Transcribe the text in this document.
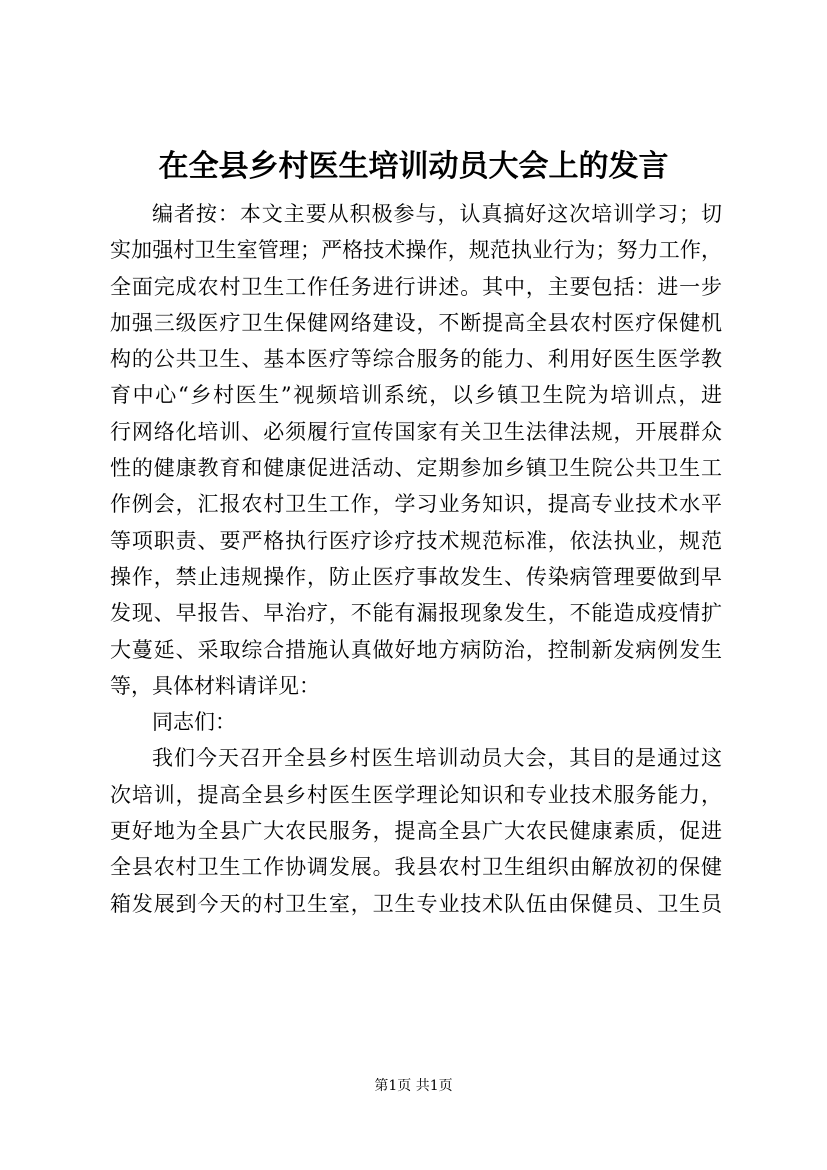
在全县乡村医生培训动员大会上的发言
编者按：本文主要从积极参与，认真搞好这次培训学习；切
实加强村卫生室管理；严格技术操作，规范执业行为；努力工作，
全面完成农村卫生工作任务进行讲述。其中，主要包括：进一步
加强三级医疗卫生保健网络建设，不断提高全县农村医疗保健机
构的公共卫生、基本医疗等综合服务的能力、利用好医生医学教
育中心“乡村医生”视频培训系统，以乡镇卫生院为培训点，进
行网络化培训、必须履行宣传国家有关卫生法律法规，开展群众
性的健康教育和健康促进活动、定期参加乡镇卫生院公共卫生工
作例会，汇报农村卫生工作，学习业务知识，提高专业技术水平
等项职责、要严格执行医疗诊疗技术规范标准，依法执业，规范
操作，禁止违规操作，防止医疗事故发生、传染病管理要做到早
发现、早报告、早治疗，不能有漏报现象发生，不能造成疫情扩
大蔓延、采取综合措施认真做好地方病防治，控制新发病例发生
等，具体材料请详见：
同志们：
我们今天召开全县乡村医生培训动员大会，其目的是通过这
次培训，提高全县乡村医生医学理论知识和专业技术服务能力，
更好地为全县广大农民服务，提高全县广大农民健康素质，促进
全县农村卫生工作协调发展。我县农村卫生组织由解放初的保健
箱发展到今天的村卫生室，卫生专业技术队伍由保健员、卫生员
第1页 共1页
